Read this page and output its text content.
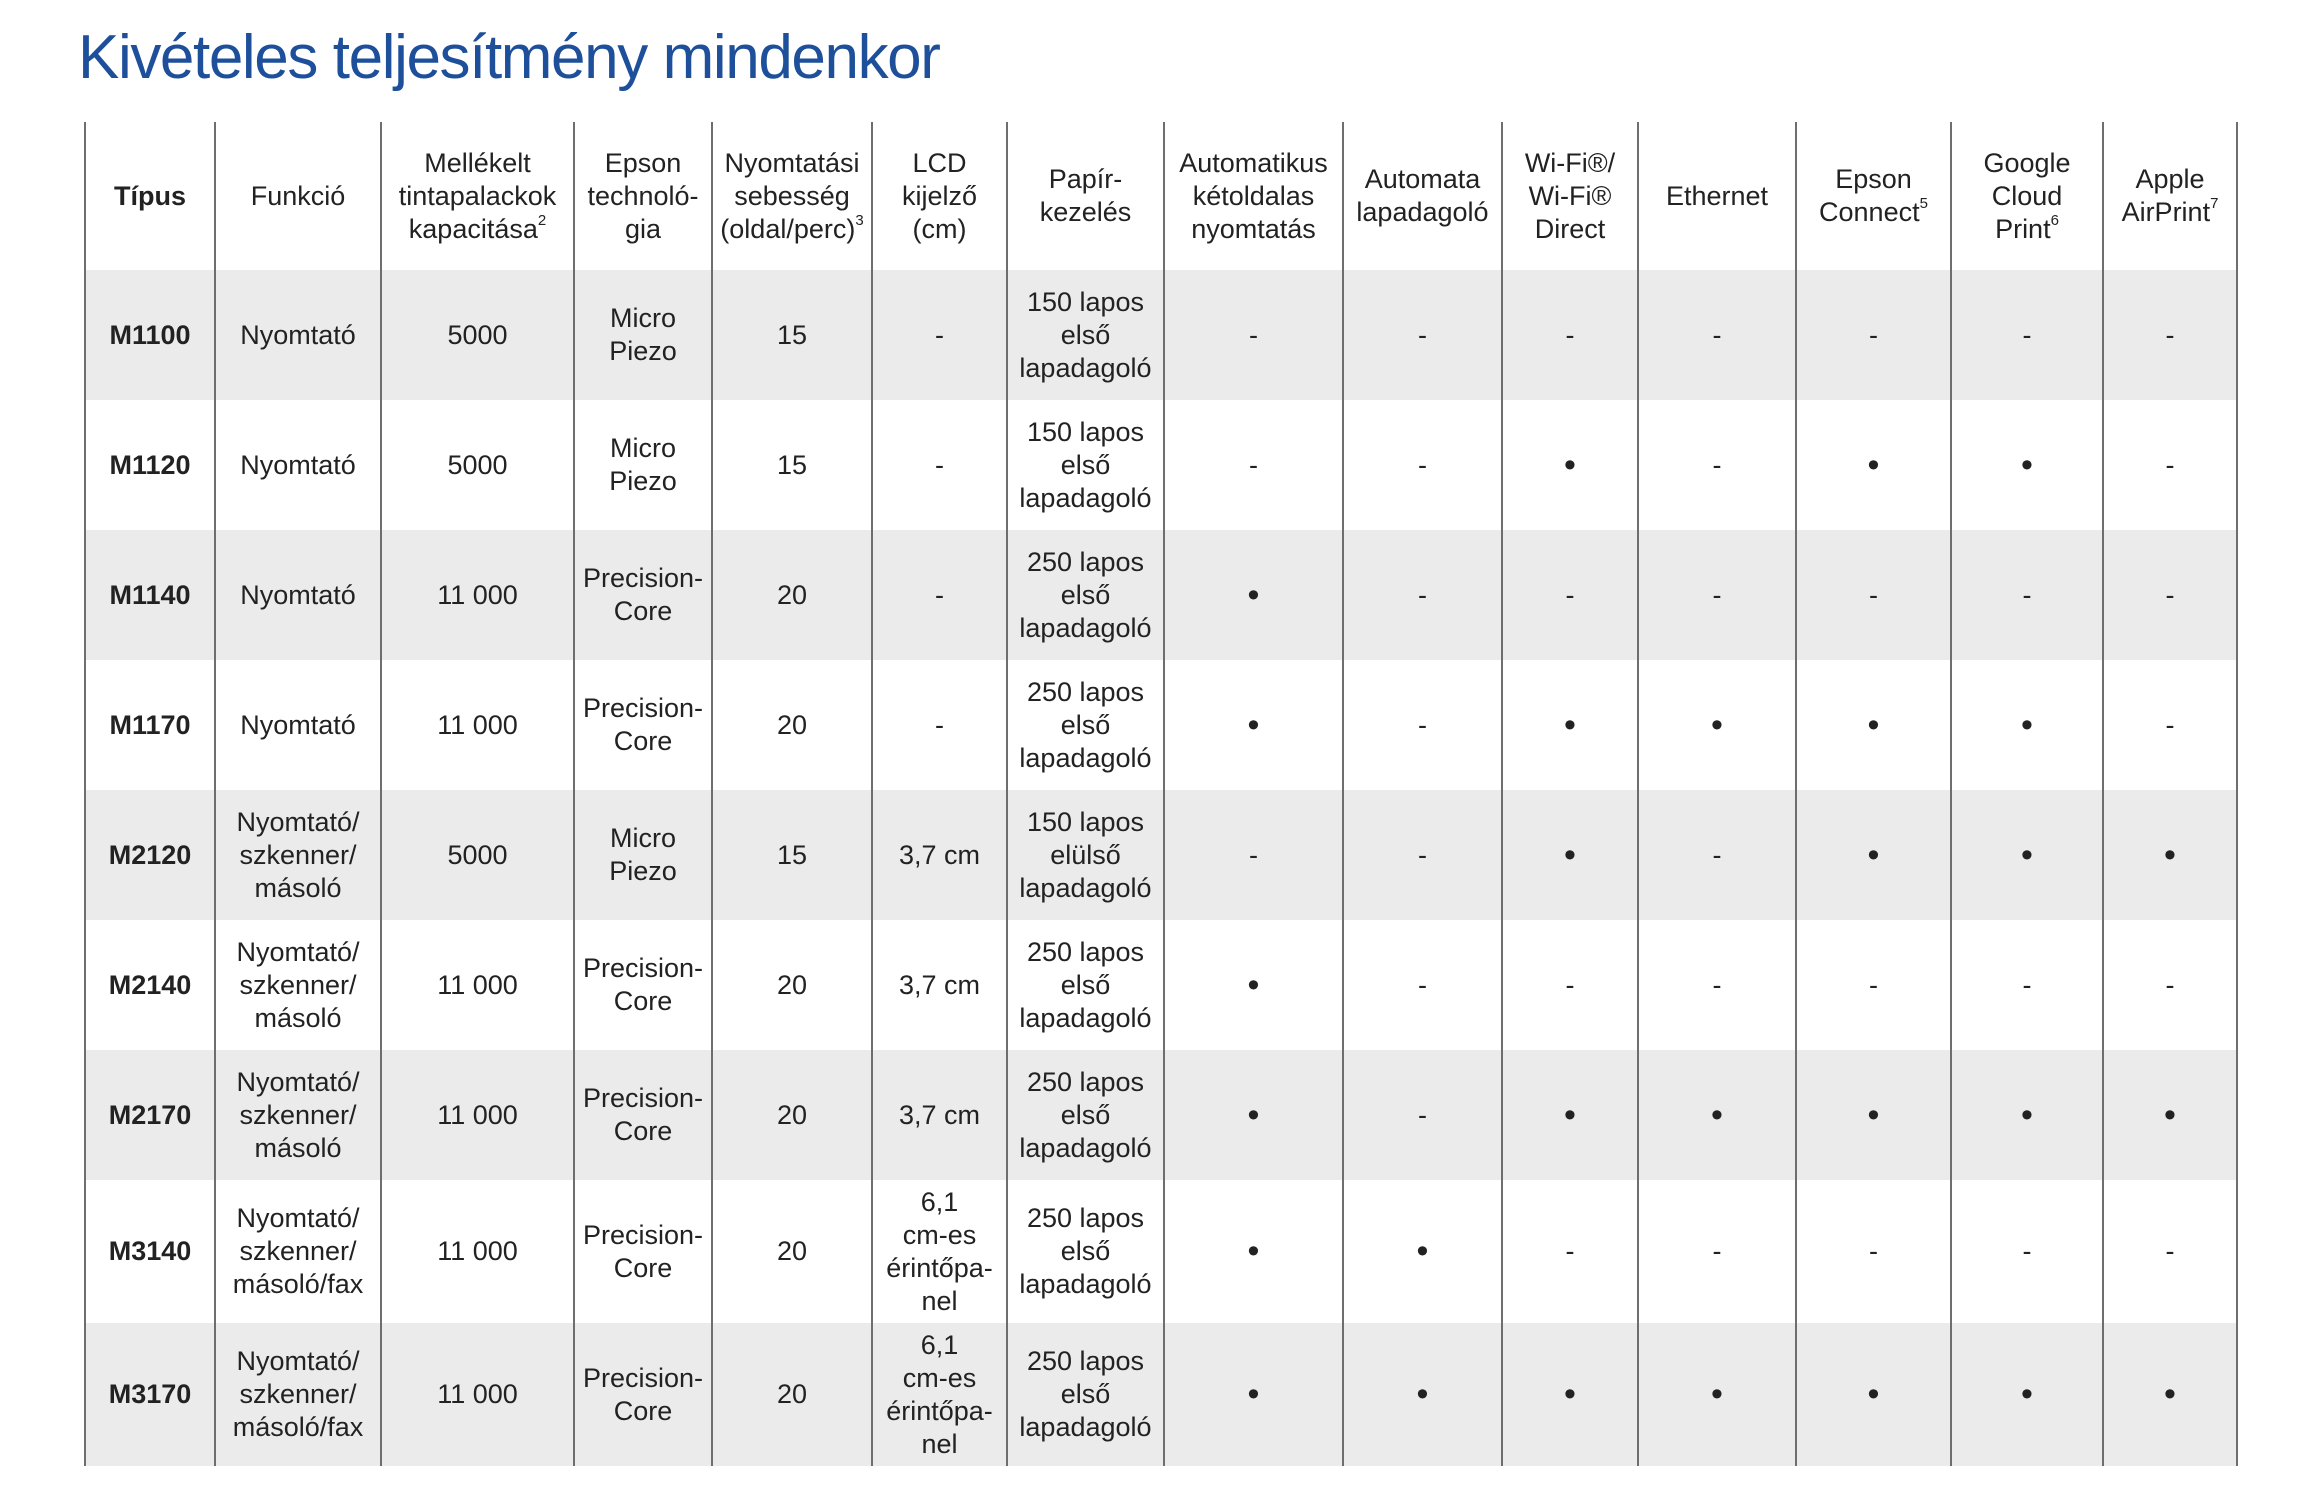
Kivételes teljesítmény mindenkor
Típus	Funkció	Mellékelt
tintapalackok
kapacitása$^2$	Epson
technoló-
gia	Nyomtatási
sebesség
(oldal/perc)$^3$	LCD
kijelző
(cm)	Papír-
kezelés	Automatikus
kétoldalas
nyomtatás	Automata
lapadagoló	Wi-Fi®/
Wi-Fi®
Direct	Ethernet	Epson
Connect$^5$	Google
Cloud
Print$^6$	Apple
AirPrint$^7$

M1100	Nyomtató	5000	Micro
Piezo	15	-	150 lapos
első
lapadagoló	-	-	-	-	-	-	-
M1120	Nyomtató	5000	Micro
Piezo	15	-	150 lapos
első
lapadagoló	-	-	•	-	•	•	-
M1140	Nyomtató	11 000	Precision-
Core	20	-	250 lapos
első
lapadagoló	•	-	-	-	-	-	-
M1170	Nyomtató	11 000	Precision-
Core	20	-	250 lapos
első
lapadagoló	•	-	•	•	•	•	-
M2120	Nyomtató/
szkenner/
másoló	5000	Micro
Piezo	15	3,7 cm	150 lapos
elülső
lapadagoló	-	-	•	-	•	•	•
M2140	Nyomtató/
szkenner/
másoló	11 000	Precision-
Core	20	3,7 cm	250 lapos
első
lapadagoló	•	-	-	-	-	-	-
M2170	Nyomtató/
szkenner/
másoló	11 000	Precision-
Core	20	3,7 cm	250 lapos
első
lapadagoló	•	-	•	•	•	•	•
M3140	Nyomtató/
szkenner/
másoló/fax	11 000	Precision-
Core	20	6,1
cm-es
érintőpa-
nel	250 lapos
első
lapadagoló	•	•	-	-	-	-	-
M3170	Nyomtató/
szkenner/
másoló/fax	11 000	Precision-
Core	20	6,1
cm-es
érintőpa-
nel	250 lapos
első
lapadagoló	•	•	•	•	•	•	•
